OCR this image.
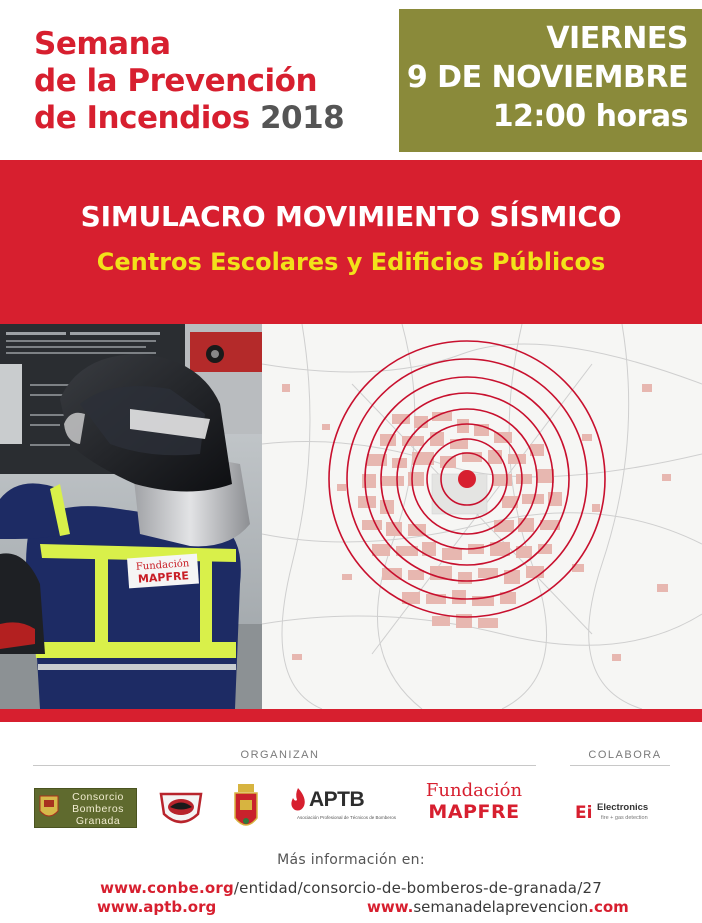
Semana
de la Prevención
de Incendios 2018
VIERNES
9 DE NOVIEMBRE
12:00 horas
SIMULACRO MOVIMIENTO SÍSMICO
Centros Escolares y Edificios Públicos
Fundación
MAPFRE
ORGANIZAN	COLABORA
Consorcio
Bomberos
Granada
APTB
Asociación Profesional de Técnicos de Bomberos
Fundación
MAPFRE	Ei Electronics
fire + gas detection
Más información en:
www.conbe.org/entidad/consorcio-de-bomberos-de-granada/27
www.aptb.org	www.semanadelaprevencion.com
